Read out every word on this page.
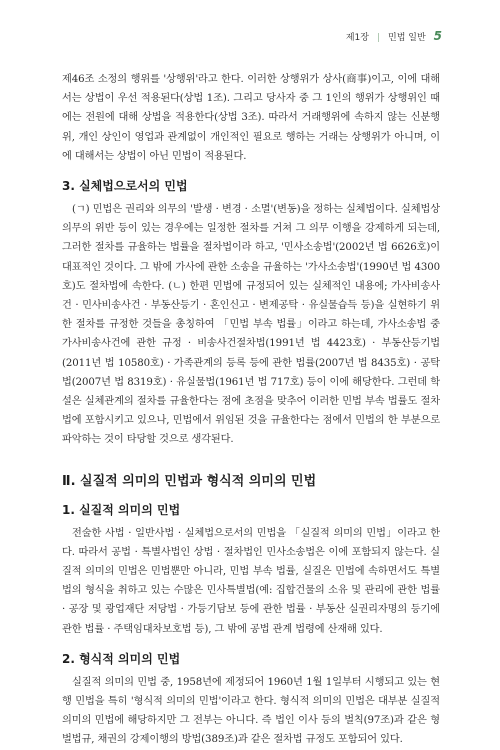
제1장 | 민법 일반 5

제46조 소정의 행위를 '상행위'라고 한다. 이러한 상행위가 상사(商事)이고, 이에 대해서는 상법이 우선 적용된다(상법 1조). 그리고 당사자 중 그 1인의 행위가 상행위인 때에는 전원에 대해 상법을 적용한다(상법 3조). 따라서 거래행위에 속하지 않는 신분행위, 개인 상인이 영업과 관계없이 개인적인 필요로 행하는 거래는 상행위가 아니며, 이에 대해서는 상법이 아닌 민법이 적용된다.

3. 실체법으로서의 민법

(ㄱ) 민법은 권리와 의무의 '발생 · 변경 · 소멸'(변동)을 정하는 실체법이다. 실체법상 의무의 위반 등이 있는 경우에는 일정한 절차를 거쳐 그 의무 이행을 강제하게 되는데, 그러한 절차를 규율하는 법률을 절차법이라 하고, '민사소송법'(2002년 법 6626호)이 대표적인 것이다. 그 밖에 가사에 관한 소송을 규율하는 '가사소송법'(1990년 법 4300호)도 절차법에 속한다. (ㄴ) 한편 민법에 규정되어 있는 실체적인 내용에; 가사비송사건 · 민사비송사건 · 부동산등기 · 혼인신고 · 변제공탁 · 유실물습득 등)을 실현하기 위한 절차를 규정한 것들을 총칭하여 「민법 부속 법률」이라고 하는데, 가사소송법 중 가사비송사건에 관한 규정 · 비송사건절차법(1991년 법 4423호) · 부동산등기법(2011년 법 10580호) · 가족관계의 등록 등에 관한 법률(2007년 법 8435호) · 공탁법(2007년 법 8319호) · 유실물법(1961년 법 717호) 등이 이에 해당한다. 그런데 학설은 실체관계의 절차를 규율한다는 점에 초점을 맞추어 이러한 민법 부속 법률도 절차법에 포함시키고 있으나, 민법에서 위임된 것을 규율한다는 점에서 민법의 한 부분으로 파악하는 것이 타당할 것으로 생각된다.

Ⅱ. 실질적 의미의 민법과 형식적 의미의 민법
1. 실질적 의미의 민법

전술한 사법 · 일반사법 · 실체법으로서의 민법을 「실질적 의미의 민법」이라고 한다. 따라서 공법 · 특별사법인 상법 · 절차법인 민사소송법은 이에 포함되지 않는다. 실질적 의미의 민법은 민법뿐만 아니라, 민법 부속 법률, 실질은 민법에 속하면서도 특별법의 형식을 취하고 있는 수많은 민사특별법(예: 집합건물의 소유 및 관리에 관한 법률 · 공장 및 광업재단 저당법 · 가등기담보 등에 관한 법률 · 부동산 실권리자명의 등기에 관한 법률 · 주택임대차보호법 등), 그 밖에 공법 관계 법령에 산재해 있다.

2. 형식적 의미의 민법

실질적 의미의 민법 중, 1958년에 제정되어 1960년 1월 1일부터 시행되고 있는 현행 민법을 특히 '형식적 의미의 민법'이라고 한다. 형식적 의미의 민법은 대부분 실질적 의미의 민법에 해당하지만 그 전부는 아니다. 즉 법인 이사 등의 벌칙(97조)과 같은 형벌법규, 채권의 강제이행의 방법(389조)과 같은 절차법 규정도 포함되어 있다.
